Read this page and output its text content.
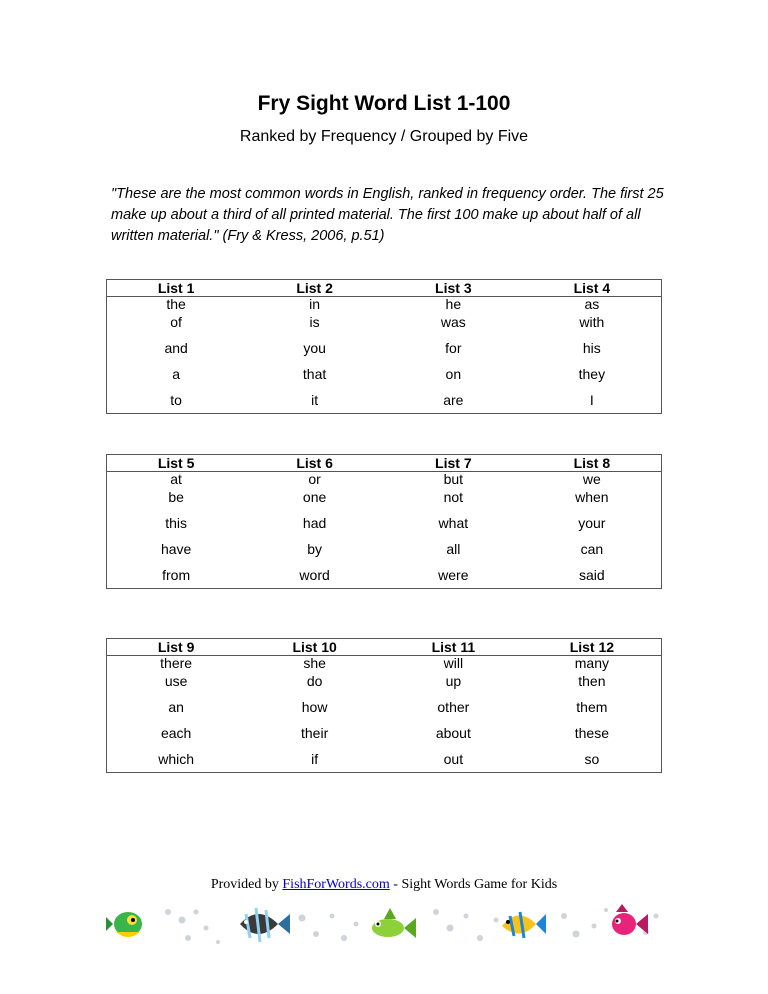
Fry Sight Word List 1-100
Ranked by Frequency / Grouped by Five
"These are the most common words in English, ranked in frequency order. The first 25 make up about a third of all printed material. The first 100 make up about half of all written material." (Fry & Kress, 2006, p.51)
List 1	List 2	List 3	List 4
the	in	he	as
of	is	was	with
and	you	for	his
a	that	on	they
to	it	are	I
List 5	List 6	List 7	List 8
at	or	but	we
be	one	not	when
this	had	what	your
have	by	all	can
from	word	were	said
List 9	List 10	List 11	List 12
there	she	will	many
use	do	up	then
an	how	other	them
each	their	about	these
which	if	out	so
Provided by FishForWords.com - Sight Words Game for Kids
